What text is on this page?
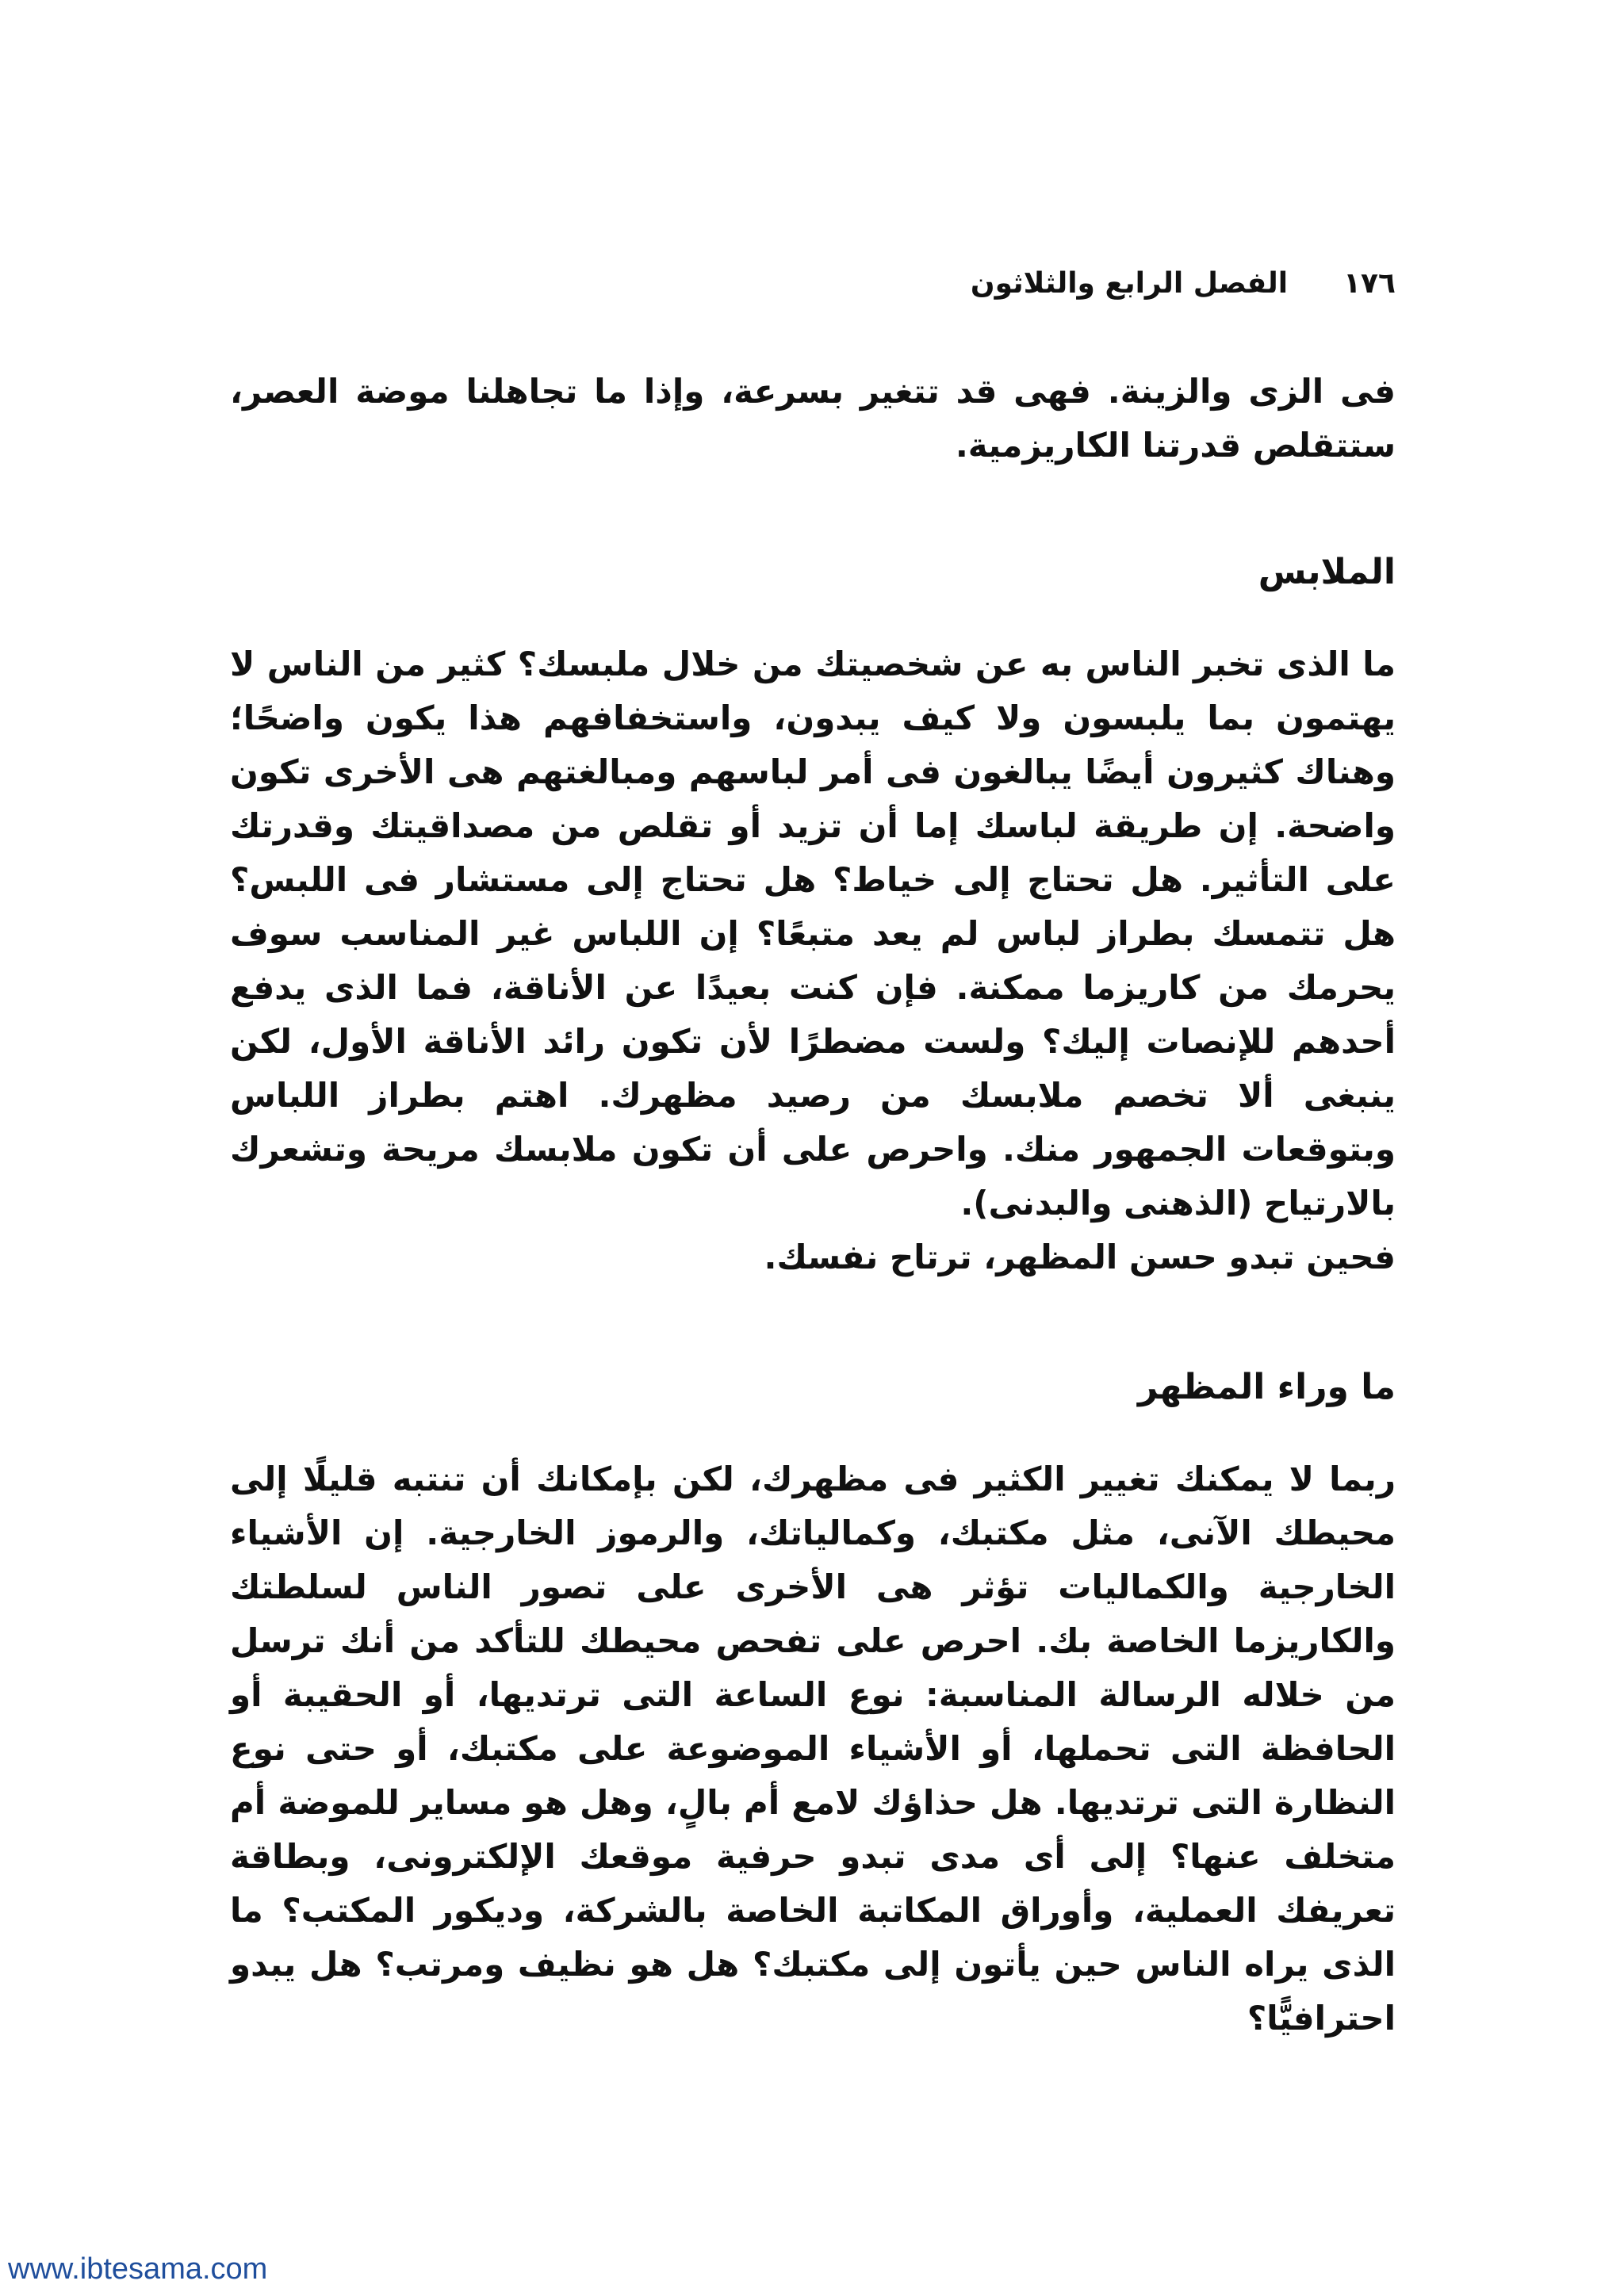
١٧٦
الفصل الرابع والثلاثون

فى الزى والزينة. فهى قد تتغير بسرعة، وإذا ما تجاهلنا موضة العصر، ستتقلص قدرتنا الكاريزمية.

الملابس

ما الذى تخبر الناس به عن شخصيتك من خلال ملبسك؟ كثير من الناس لا يهتمون بما يلبسون ولا كيف يبدون، واستخفافهم هذا يكون واضحًا؛ وهناك كثيرون أيضًا يبالغون فى أمر لباسهم ومبالغتهم هى الأخرى تكون واضحة. إن طريقة لباسك إما أن تزيد أو تقلص من مصداقيتك وقدرتك على التأثير. هل تحتاج إلى خياط؟ هل تحتاج إلى مستشار فى اللبس؟ هل تتمسك بطراز لباس لم يعد متبعًا؟ إن اللباس غير المناسب سوف يحرمك من كاريزما ممكنة. فإن كنت بعيدًا عن الأناقة، فما الذى يدفع أحدهم للإنصات إليك؟ ولست مضطرًا لأن تكون رائد الأناقة الأول، لكن ينبغى ألا تخصم ملابسك من رصيد مظهرك. اهتم بطراز اللباس وبتوقعات الجمهور منك. واحرص على أن تكون ملابسك مريحة وتشعرك بالارتياح (الذهنى والبدنى).

فحين تبدو حسن المظهر، ترتاح نفسك.

ما وراء المظهر

ربما لا يمكنك تغيير الكثير فى مظهرك، لكن بإمكانك أن تنتبه قليلًا إلى محيطك الآنى، مثل مكتبك، وكمالياتك، والرموز الخارجية. إن الأشياء الخارجية والكماليات تؤثر هى الأخرى على تصور الناس لسلطتك والكاريزما الخاصة بك. احرص على تفحص محيطك للتأكد من أنك ترسل من خلاله الرسالة المناسبة: نوع الساعة التى ترتديها، أو الحقيبة أو الحافظة التى تحملها، أو الأشياء الموضوعة على مكتبك، أو حتى نوع النظارة التى ترتديها. هل حذاؤك لامع أم بالٍ، وهل هو مساير للموضة أم متخلف عنها؟ إلى أى مدى تبدو حرفية موقعك الإلكترونى، وبطاقة تعريفك العملية، وأوراق المكاتبة الخاصة بالشركة، وديكور المكتب؟ ما الذى يراه الناس حين يأتون إلى مكتبك؟ هل هو نظيف ومرتب؟ هل يبدو احترافيًّا؟

www.ibtesama.com
